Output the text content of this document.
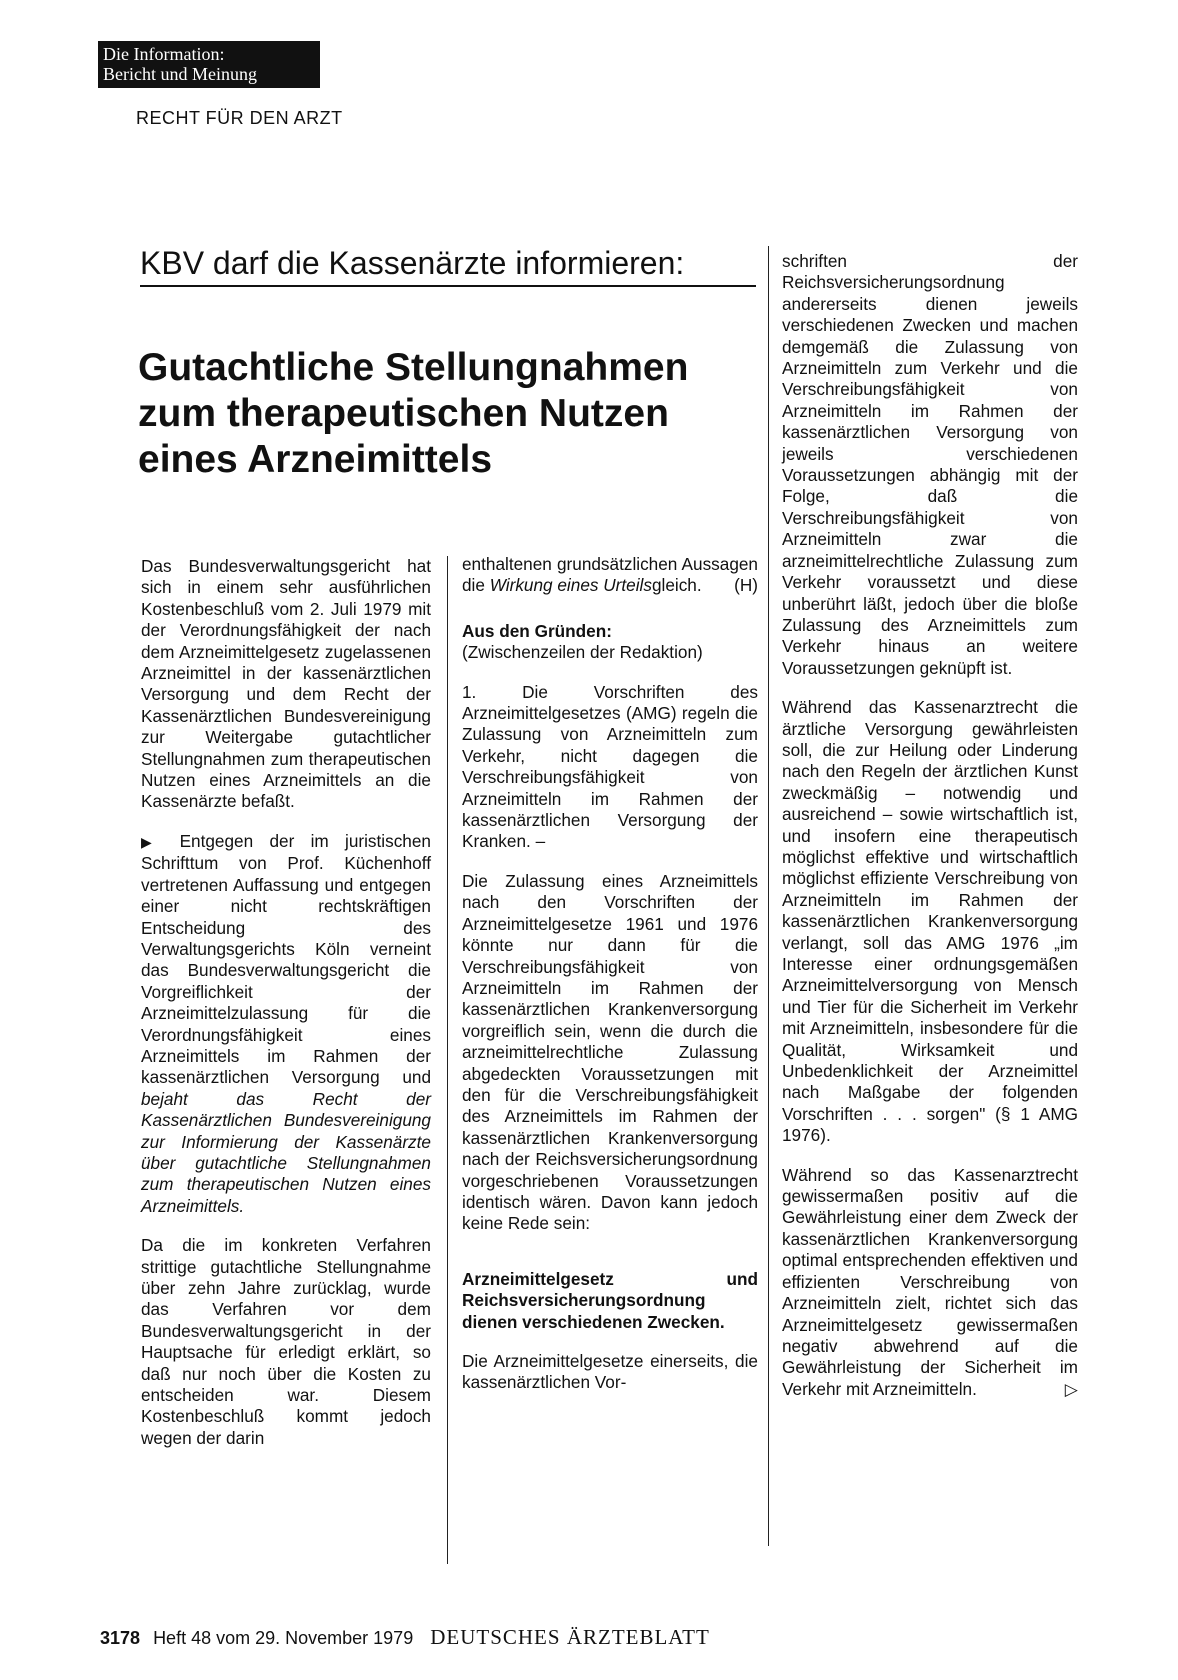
Die Information:
Bericht und Meinung
RECHT FÜR DEN ARZT
KBV darf die Kassenärzte informieren:
Gutachtliche Stellungnahmen
zum therapeutischen Nutzen
eines Arzneimittels

Das Bundesverwaltungsgericht hat sich in einem sehr ausführlichen Kostenbeschluß vom 2. Juli 1979 mit der Verordnungsfähigkeit der nach dem Arzneimittelgesetz zugelassenen Arzneimittel in der kassenärztlichen Versorgung und dem Recht der Kassenärztlichen Bundesvereinigung zur Weitergabe gutachtlicher Stellungnahmen zum therapeutischen Nutzen eines Arzneimittels an die Kassenärzte befaßt.

▶ Entgegen der im juristischen Schrifttum von Prof. Küchenhoff vertretenen Auffassung und entgegen einer nicht rechtskräftigen Entscheidung des Verwaltungsgerichts Köln verneint das Bundesverwaltungsgericht die Vorgreiflichkeit der Arzneimittelzulassung für die Verordnungsfähigkeit eines Arzneimittels im Rahmen der kassenärztlichen Versorgung und bejaht das Recht der Kassenärztlichen Bundesvereinigung zur Informierung der Kassenärzte über gutachtliche Stellungnahmen zum therapeutischen Nutzen eines Arzneimittels.

Da die im konkreten Verfahren strittige gutachtliche Stellungnahme über zehn Jahre zurücklag, wurde das Verfahren vor dem Bundesverwaltungsgericht in der Hauptsache für erledigt erklärt, so daß nur noch über die Kosten zu entscheiden war. Diesem Kostenbeschluß kommt jedoch wegen der darin

enthaltenen grundsätzlichen Aussagen die Wirkung eines Urteilsgleich. (H)

Aus den Gründen:
(Zwischenzeilen der Redaktion)

1. Die Vorschriften des Arzneimittelgesetzes (AMG) regeln die Zulassung von Arzneimitteln zum Verkehr, nicht dagegen die Verschreibungsfähigkeit von Arzneimitteln im Rahmen der kassenärztlichen Versorgung der Kranken. –

Die Zulassung eines Arzneimittels nach den Vorschriften der Arzneimittelgesetze 1961 und 1976 könnte nur dann für die Verschreibungsfähigkeit von Arzneimitteln im Rahmen der kassenärztlichen Krankenversorgung vorgreiflich sein, wenn die durch die arzneimittelrechtliche Zulassung abgedeckten Voraussetzungen mit den für die Verschreibungsfähigkeit des Arzneimittels im Rahmen der kassenärztlichen Krankenversorgung nach der Reichsversicherungsordnung vorgeschriebenen Voraussetzungen identisch wären. Davon kann jedoch keine Rede sein:

Arzneimittelgesetz und Reichsversicherungsordnung dienen verschiedenen Zwecken.

Die Arzneimittelgesetze einerseits, die kassenärztlichen Vor-

schriften der Reichsversicherungsordnung andererseits dienen jeweils verschiedenen Zwecken und machen demgemäß die Zulassung von Arzneimitteln zum Verkehr und die Verschreibungsfähigkeit von Arzneimitteln im Rahmen der kassenärztlichen Versorgung von jeweils verschiedenen Voraussetzungen abhängig mit der Folge, daß die Verschreibungsfähigkeit von Arzneimitteln zwar die arzneimittelrechtliche Zulassung zum Verkehr voraussetzt und diese unberührt läßt, jedoch über die bloße Zulassung des Arzneimittels zum Verkehr hinaus an weitere Voraussetzungen geknüpft ist.

Während das Kassenarztrecht die ärztliche Versorgung gewährleisten soll, die zur Heilung oder Linderung nach den Regeln der ärztlichen Kunst zweckmäßig – notwendig und ausreichend – sowie wirtschaftlich ist, und insofern eine therapeutisch möglichst effektive und wirtschaftlich möglichst effiziente Verschreibung von Arzneimitteln im Rahmen der kassenärztlichen Krankenversorgung verlangt, soll das AMG 1976 „im Interesse einer ordnungsgemäßen Arzneimittelversorgung von Mensch und Tier für die Sicherheit im Verkehr mit Arzneimitteln, insbesondere für die Qualität, Wirksamkeit und Unbedenklichkeit der Arzneimittel nach Maßgabe der folgenden Vorschriften . . . sorgen" (§ 1 AMG 1976).

Während so das Kassenarztrecht gewissermaßen positiv auf die Gewährleistung einer dem Zweck der kassenärztlichen Krankenversorgung optimal entsprechenden effektiven und effizienten Verschreibung von Arzneimitteln zielt, richtet sich das Arzneimittelgesetz gewissermaßen negativ abwehrend auf die Gewährleistung der Sicherheit im Verkehr mit Arzneimitteln.	▷

3178 Heft 48 vom 29. November 1979 DEUTSCHES ÄRZTEBLATT
